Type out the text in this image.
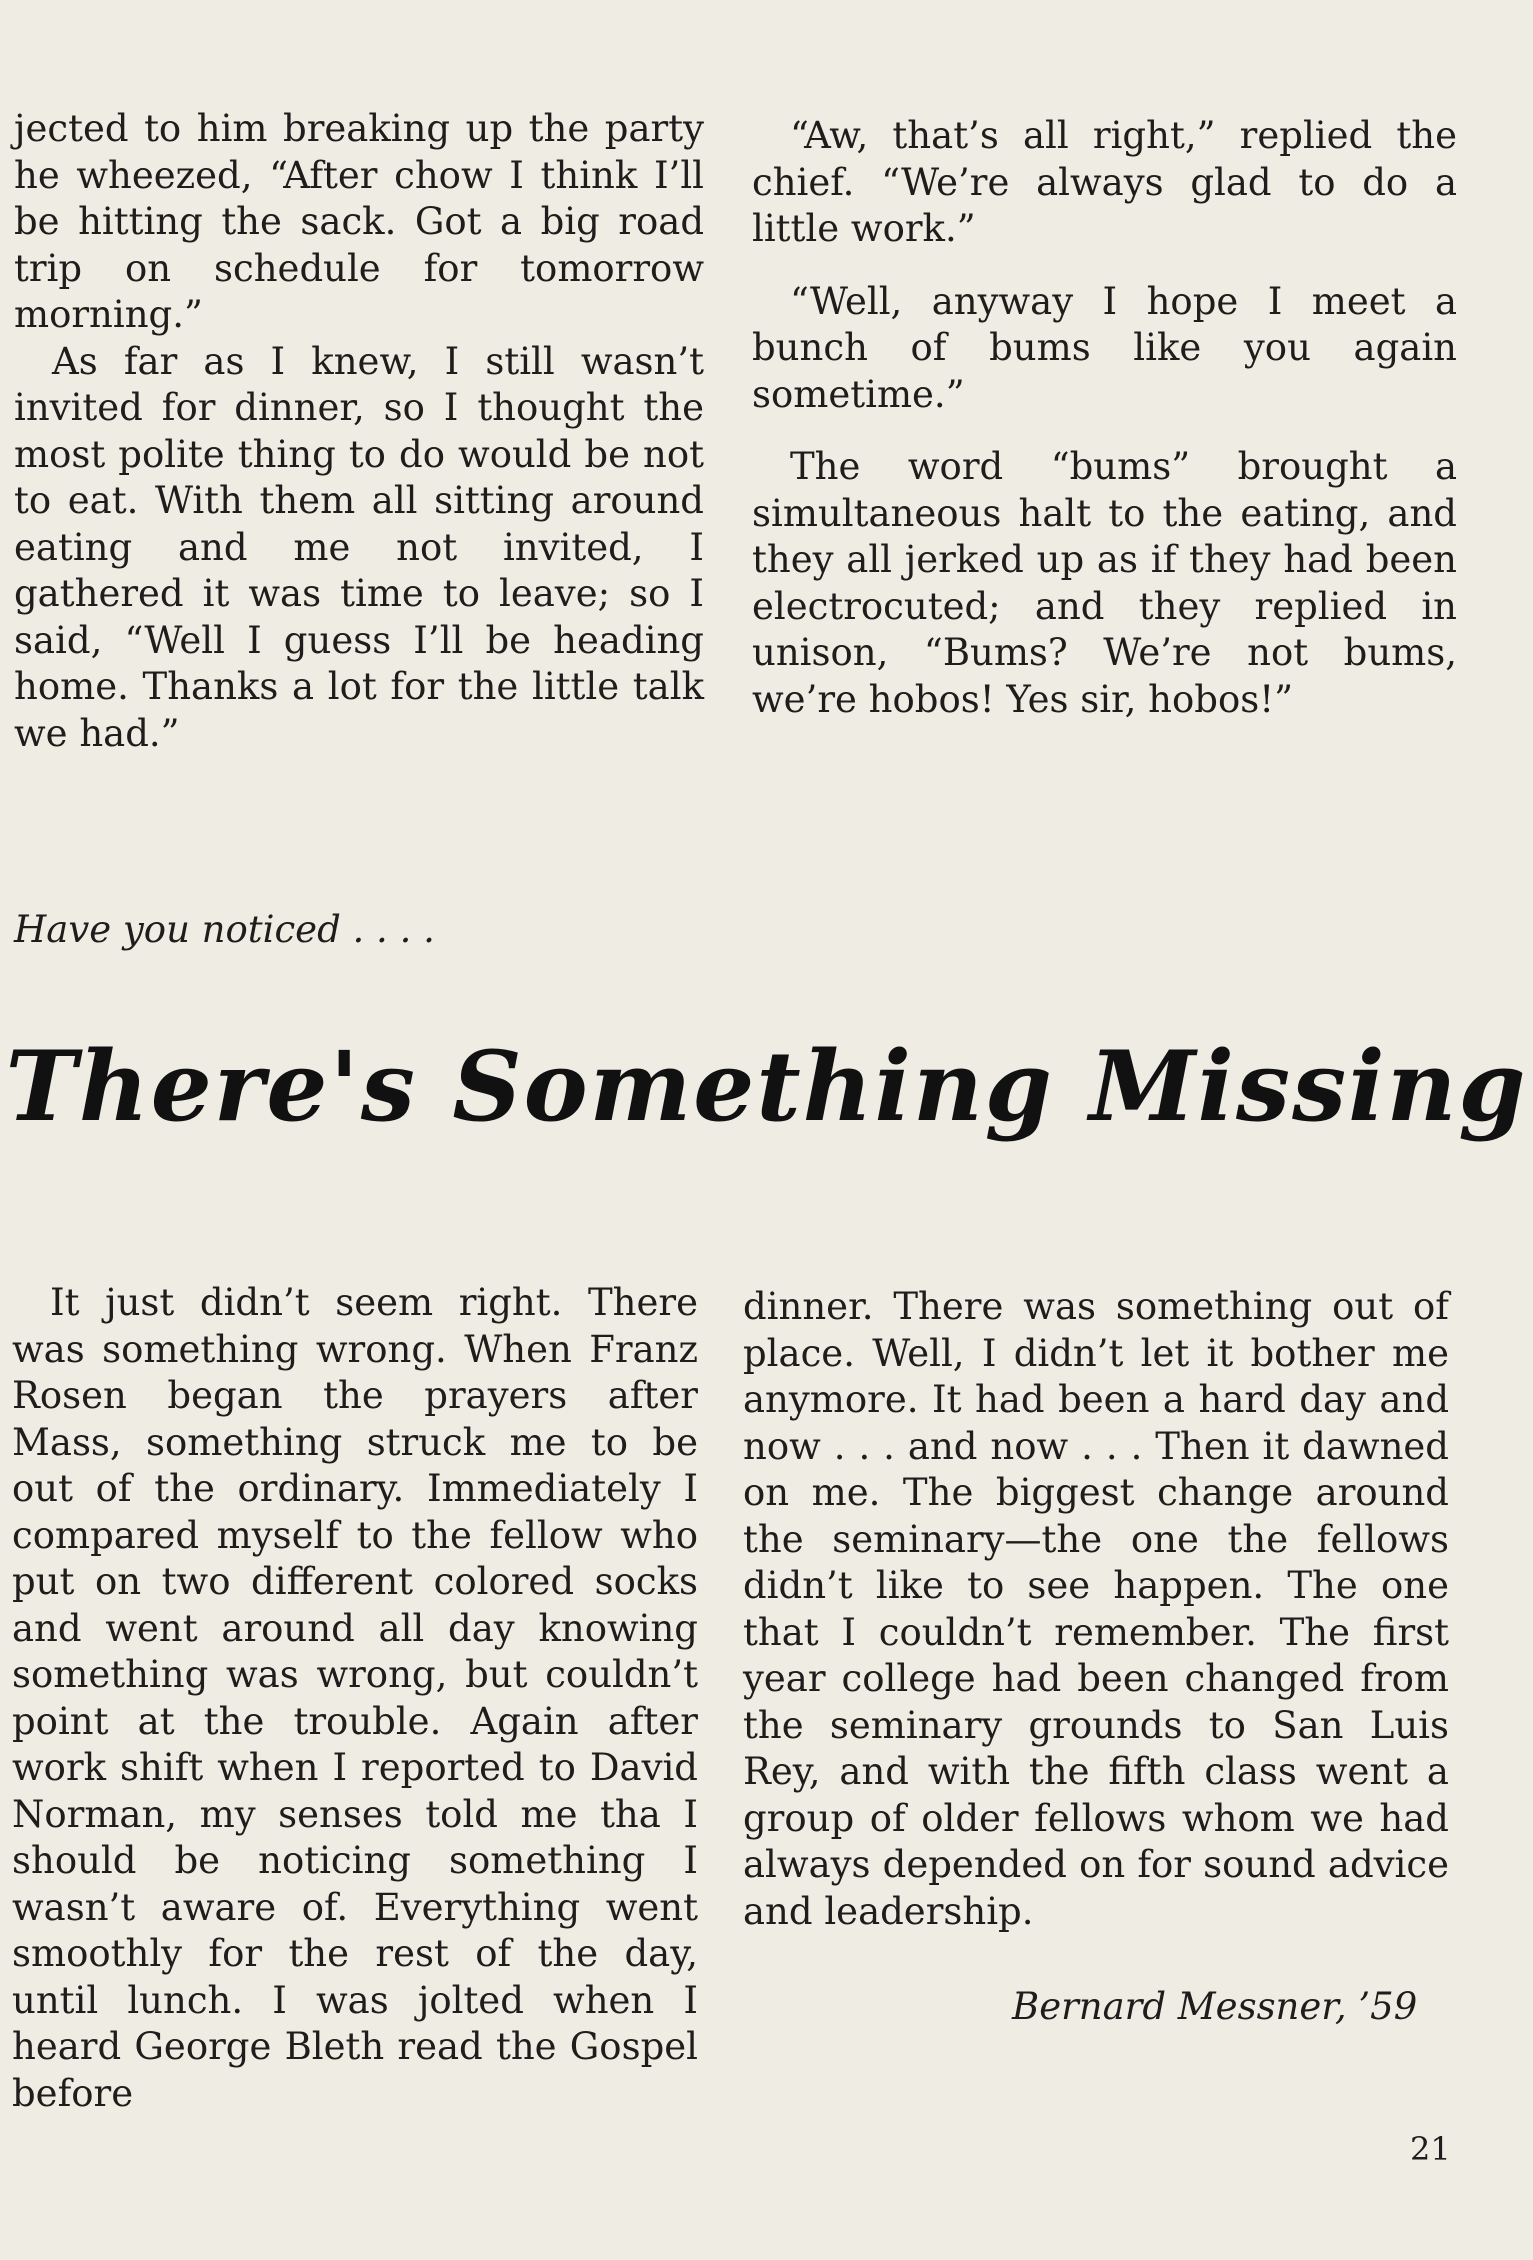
jected to him breaking up the party he wheezed, “After chow I think I’ll be hitting the sack. Got a big road trip on schedule for tomorrow morning.”

As far as I knew, I still wasn’t invited for dinner, so I thought the most polite thing to do would be not to eat. With them all sitting around eating and me not invited, I gathered it was time to leave; so I said, “Well I guess I’ll be heading home. Thanks a lot for the little talk we had.”

“Aw, that’s all right,” replied the chief. “We’re always glad to do a little work.”

“Well, anyway I hope I meet a bunch of bums like you again sometime.”

The word “bums” brought a simultaneous halt to the eating, and they all jerked up as if they had been electrocuted; and they replied in unison, “Bums? We’re not bums, we’re hobos! Yes sir, hobos!”

Have you noticed . . . .
There's Something Missing

It just didn’t seem right. There was something wrong. When Franz Rosen began the prayers after Mass, something struck me to be out of the ordinary. Immediately I compared myself to the fellow who put on two different colored socks and went around all day knowing something was wrong, but couldn’t point at the trouble. Again after work shift when I reported to David Norman, my senses told me tha I should be noticing something I wasn’t aware of. Everything went smoothly for the rest of the day, until lunch. I was jolted when I heard George Bleth read the Gospel before

dinner. There was something out of place. Well, I didn’t let it bother me anymore. It had been a hard day and now . . . and now . . . Then it dawned on me. The biggest change around the seminary—the one the fellows didn’t like to see happen. The one that I couldn’t remember. The first year college had been changed from the seminary grounds to San Luis Rey, and with the fifth class went a group of older fellows whom we had always depended on for sound advice and leadership.

Bernard Messner, ’59
21
